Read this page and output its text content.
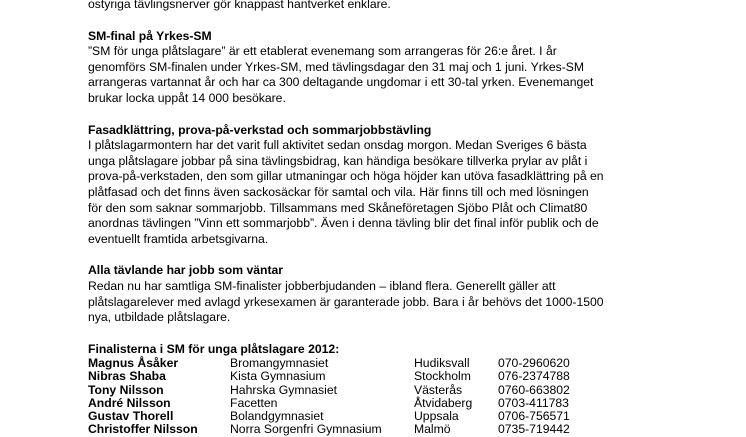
ostyriga tävlingsnerver gör knappast hantverket enklare.

SM-final på Yrkes-SM

”SM för unga plåtslagare” är ett etablerat evenemang som arrangeras för 26:e året. I år

genomförs SM-finalen under Yrkes-SM, med tävlingsdagar den 31 maj och 1 juni. Yrkes-SM

arrangeras vartannat år och har ca 300 deltagande ungdomar i ett 30-tal yrken. Evenemanget

brukar locka uppåt 14 000 besökare.

Fasadklättring, prova-på-verkstad och sommarjobbstävling

I plåtslagarmontern har det varit full aktivitet sedan onsdag morgon. Medan Sveriges 6 bästa

unga plåtslagare jobbar på sina tävlingsbidrag, kan händiga besökare tillverka prylar av plåt i

prova-på-verkstaden, den som gillar utmaningar och höga höjder kan utöva fasadklättring på en

plåtfasad och det finns även sackosäckar för samtal och vila. Här finns till och med lösningen

för den som saknar sommarjobb. Tillsammans med Skåneföretagen Sjöbo Plåt och Climat80

anordnas tävlingen ”Vinn ett sommarjobb”. Även i denna tävling blir det final inför publik och de

eventuellt framtida arbetsgivarna.

Alla tävlande har jobb som väntar

Redan nu har samtliga SM-finalister jobberbjudanden – ibland flera. Generellt gäller att

plåtslagarelever med avlagd yrkesexamen är garanterade jobb. Bara i år behövs det 1000-1500

nya, utbildade plåtslagare.

Finalisterna i SM för unga plåtslagare 2012:
Magnus Åsåker	Bromangymnasiet	Hudiksvall	070-2960620
Nibras Shaba	Kista Gymnasium	Stockholm	076-2374788
Tony Nilsson	Hahrska Gymnasiet	Västerås	0760-663802
André Nilsson	Facetten	Åtvidaberg	0703-411783
Gustav Thorell	Bolandgymnasiet	Uppsala	0706-756571
Christoffer Nilsson	Norra Sorgenfri Gymnasium	Malmö	0735-719442
